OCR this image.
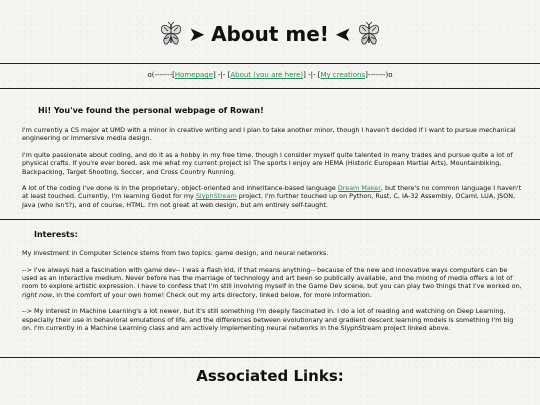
➤ About me! ➤
o(-------[Homepage] -|- [About (you are here)] -|- [My creations]-------)o

Hi! You've found the personal webpage of Rowan!

I'm currently a CS major at UMD with a minor in creative writing and I plan to take another minor, though I haven't decided if I want to pursue mechanical engineering or immersive media design.

I'm quite passionate about coding, and do it as a hobby in my free time, though I consider myself quite talented in many trades and pursue quite a lot of physical crafts. If you're ever bored, ask me what my current project is! The sports I enjoy are HEMA (Historic European Martial Arts), Mountainbiking, Backpacking, Target Shooting, Soccer, and Cross Country Running.

A lot of the coding I've done is in the proprietary, object-oriented and inheritance-based language Dream Maker, but there's no common language I haven't at least touched. Currently, I'm learning Godot for my SlyphStream project. I'm further touched up on Python, Rust, C, IA-32 Assembly, OCaml, LUA, JSON, Java (who isn't?), and of course, HTML. I'm not great at web design, but am entirely self-taught.

Interests:

My investment in Computer Science stems from two topics: game design, and neural networks.

--> I've always had a fascination with game dev-- I was a flash kid, if that means anything-- because of the new and innovative ways computers can be used as an interactive medium. Never before has the marriage of technology and art been so publically available, and the mixing of media offers a lot of room to explore artistic expression. I have to confess that I'm still involving myself in the Game Dev scene, but you can play two things that I've worked on, right now, in the comfort of your own home! Check out my arts directory, linked below, for more information.

--> My interest in Machine Learning's a lot newer, but it's still something I'm deeply fascinated in. I do a lot of reading and watching on Deep Learning, especially their use in behavioral emulations of life, and the differences between evolutionary and gradient descent learning models is something I'm big on. I'm currently in a Machine Learning class and am actively implementing neural networks in the SlyphStream project linked above.

Associated Links:
